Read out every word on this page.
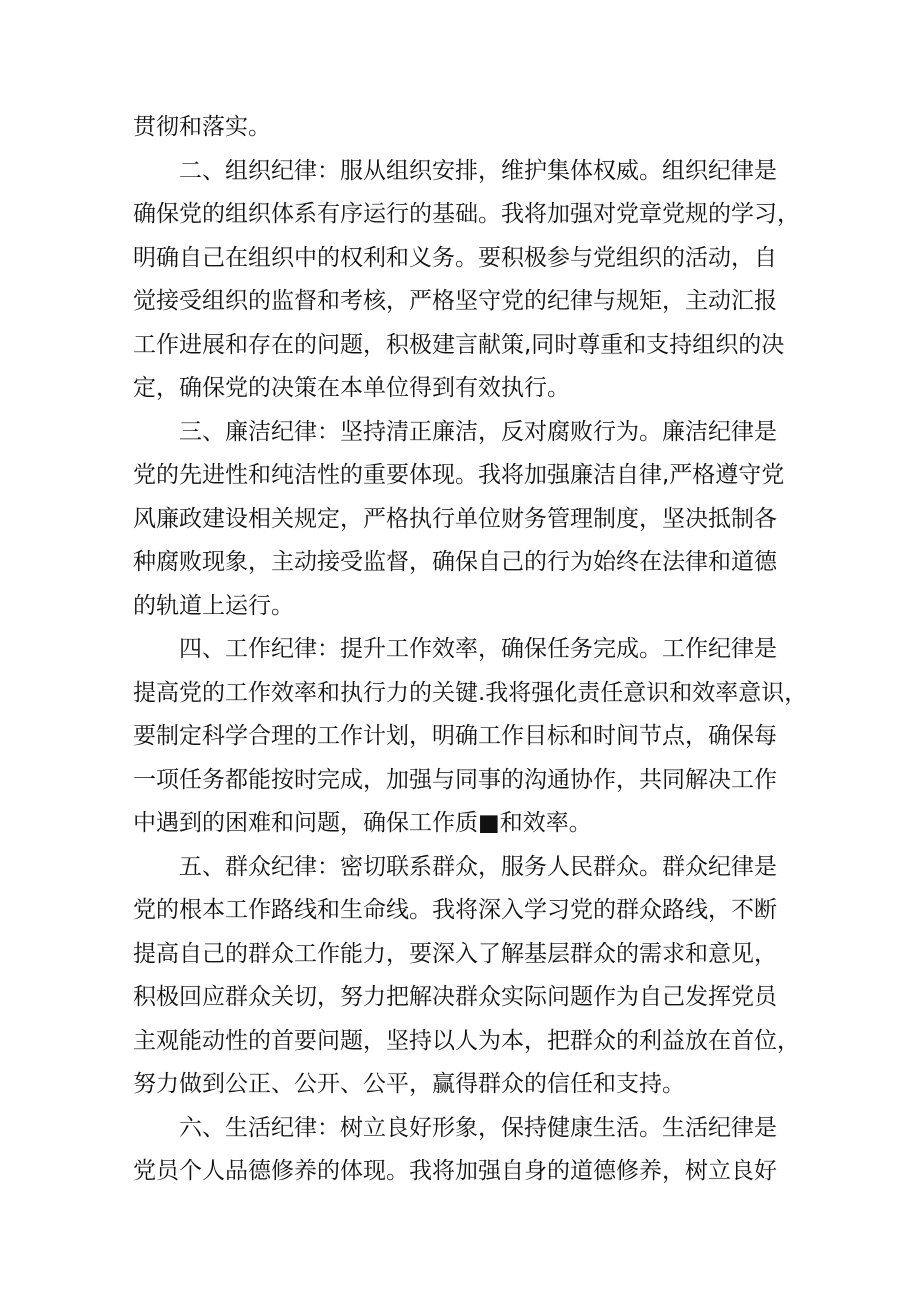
贯彻和落实。
二、组织纪律：服从组织安排，维护集体权威。组织纪律是
确保党的组织体系有序运行的基础。我将加强对党章党规的学习，
明确自己在组织中的权利和义务。要积极参与党组织的活动，自
觉接受组织的监督和考核，严格坚守党的纪律与规矩，主动汇报
工作进展和存在的问题，积极建言献策,同时尊重和支持组织的决
定，确保党的决策在本单位得到有效执行。
三、廉洁纪律：坚持清正廉洁，反对腐败行为。廉洁纪律是
党的先进性和纯洁性的重要体现。我将加强廉洁自律,严格遵守党
风廉政建设相关规定，严格执行单位财务管理制度，坚决抵制各
种腐败现象，主动接受监督，确保自己的行为始终在法律和道德
的轨道上运行。
四、工作纪律：提升工作效率，确保任务完成。工作纪律是
提高党的工作效率和执行力的关键.我将强化责任意识和效率意识，
要制定科学合理的工作计划，明确工作目标和时间节点，确保每
一项任务都能按时完成，加强与同事的沟通协作，共同解决工作
中遇到的困难和问题，确保工作质■和效率。
五、群众纪律：密切联系群众，服务人民群众。群众纪律是
党的根本工作路线和生命线。我将深入学习党的群众路线，不断
提高自己的群众工作能力，要深入了解基层群众的需求和意见，
积极回应群众关切，努力把解决群众实际问题作为自己发挥党员
主观能动性的首要问题，坚持以人为本，把群众的利益放在首位，
努力做到公正、公开、公平，赢得群众的信任和支持。
六、生活纪律：树立良好形象，保持健康生活。生活纪律是
党员个人品德修养的体现。我将加强自身的道德修养，树立良好
